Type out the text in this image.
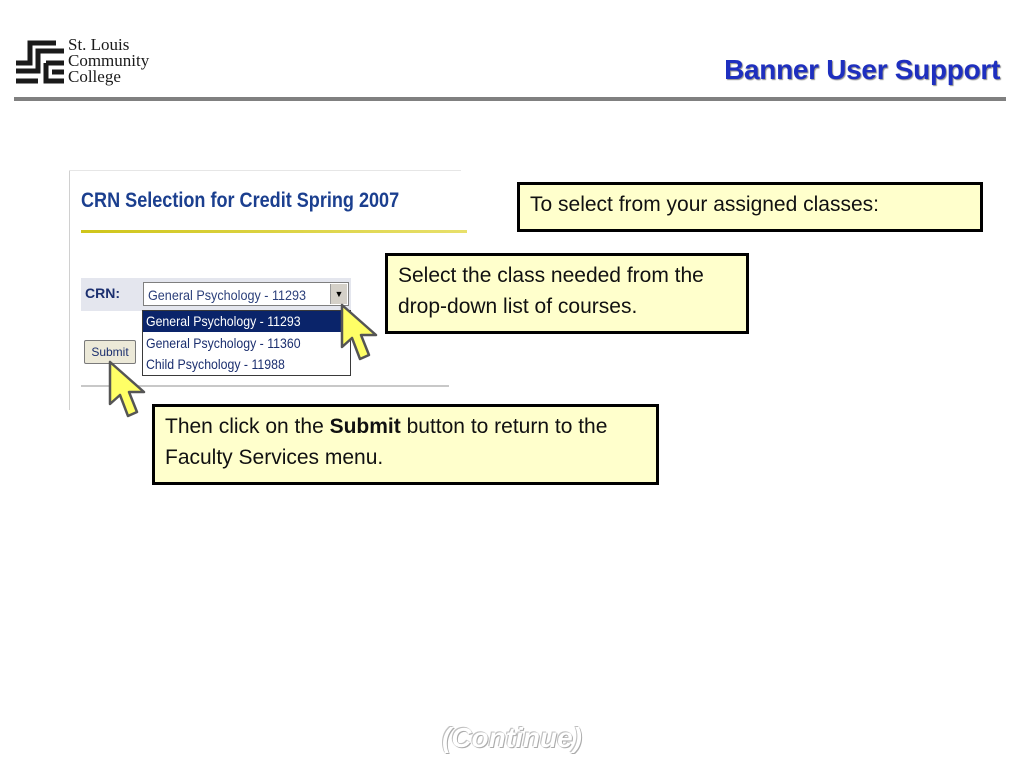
St. Louis
Community
College	Banner User Support
CRN Selection for Credit Spring 2007
CRN: General Psychology - 11293	▼
General Psychology - 11293
General Psychology - 11360
Child Psychology - 11988
Submit
To select from your assigned classes:
Select the class needed from the drop-down list of courses.
Then click on the Submit button to return to the Faculty Services menu.
(Continue)
